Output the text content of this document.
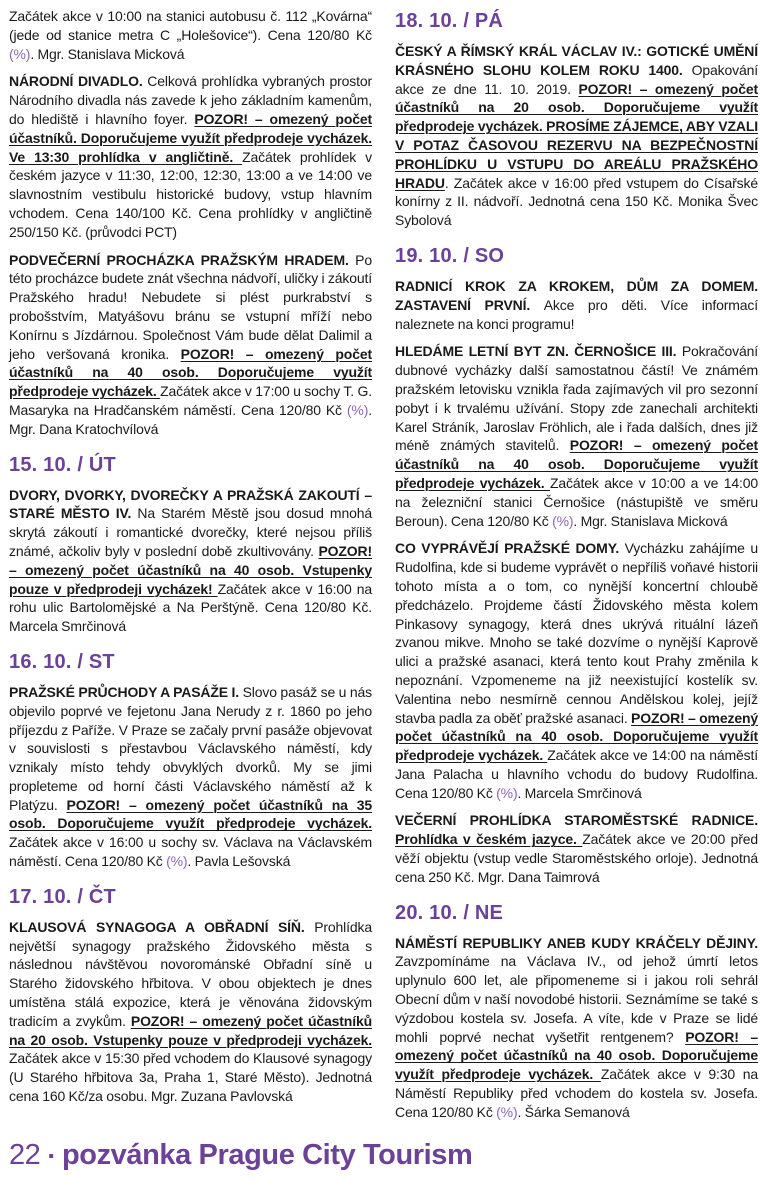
Začátek akce v 10:00 na stanici autobusu č. 112 „Kovárna“ (jede od stanice metra C „Holešovice“). Cena 120/80 Kč (%). Mgr. Stanislava Micková

NÁRODNÍ DIVADLO. Celková prohlídka vybraných prostor Národního divadla nás zavede k jeho základním kamenům, do hlediště i hlavního foyer. POZOR! – omezený počet účastníků. Doporučujeme využít předprodeje vycházek. Ve 13:30 prohlídka v angličtině. Začátek prohlídek v českém jazyce v 11:30, 12:00, 12:30, 13:00 a ve 14:00 ve slavnostním vestibulu historické budovy, vstup hlavním vchodem. Cena 140/100 Kč. Cena prohlídky v angličtině 250/150 Kč. (průvodci PCT)

PODVEČERNÍ PROCHÁZKA PRAŽSKÝM HRADEM. Po této procházce budete znát všechna nádvoří, uličky i zákoutí Pražského hradu! Nebudete si plést purkrabství s probošstvím, Matyášovu bránu se vstupní mříží nebo Konírnu s Jízdárnou. Společnost Vám bude dělat Dalimil a jeho veršovaná kronika. POZOR! – omezený počet účastníků na 40 osob. Doporučujeme využít předprodeje vycházek. Začátek akce v 17:00 u sochy T. G. Masaryka na Hradčanském náměstí. Cena 120/80 Kč (%). Mgr. Dana Kratochvílová

15. 10. / ÚT

DVORY, DVORKY, DVOREČKY A PRAŽSKÁ ZAKOUTÍ – STARÉ MĚSTO IV. Na Starém Městě jsou dosud mnohá skrytá zákoutí i romantické dvorečky, které nejsou příliš známé, ačkoliv byly v poslední době zkultivovány. POZOR! – omezený počet účastníků na 40 osob. Vstupenky pouze v předprodeji vycházek! Začátek akce v 16:00 na rohu ulic Bartolomějské a Na Perštýně. Cena 120/80 Kč. Marcela Smrčinová

16. 10. / ST

PRAŽSKÉ PRŮCHODY A PASÁŽE I. Slovo pasáž se u nás objevilo poprvé ve fejetonu Jana Nerudy z r. 1860 po jeho příjezdu z Paříže. V Praze se začaly první pasáže objevovat v souvislosti s přestavbou Václavského náměstí, kdy vznikaly místo tehdy obvyklých dvorků. My se jimi propleteme od horní části Václavského náměstí až k Platýzu. POZOR! – omezený počet účastníků na 35 osob. Doporučujeme využít předprodeje vycházek. Začátek akce v 16:00 u sochy sv. Václava na Václavském náměstí. Cena 120/80 Kč (%). Pavla Lešovská

17. 10. / ČT

KLAUSOVÁ SYNAGOGA A OBŘADNÍ SÍŇ. Prohlídka největší synagogy pražského Židovského města s následnou návštěvou novorománské Obřadní síně u Starého židovského hřbitova. V obou objektech je dnes umístěna stálá expozice, která je věnována židovským tradicím a zvykům. POZOR! – omezený počet účastníků na 20 osob. Vstupenky pouze v předprodeji vycházek. Začátek akce v 15:30 před vchodem do Klausové synagogy (U Starého hřbitova 3a, Praha 1, Staré Město). Jednotná cena 160 Kč/za osobu. Mgr. Zuzana Pavlovská

18. 10. / PÁ

ČESKÝ A ŘÍMSKÝ KRÁL VÁCLAV IV.: GOTICKÉ UMĚNÍ KRÁSNÉHO SLOHU KOLEM ROKU 1400. Opakování akce ze dne 11. 10. 2019. POZOR! – omezený počet účastníků na 20 osob. Doporučujeme využít předprodeje vycházek. PROSÍME ZÁJEMCE, ABY VZALI V POTAZ ČASOVOU REZERVU NA BEZPEČNOSTNÍ PROHLÍDKU U VSTUPU DO AREÁLU PRAŽSKÉHO HRADU. Začátek akce v 16:00 před vstupem do Císařské konírny z II. nádvoří. Jednotná cena 150 Kč. Monika Švec Sybolová

19. 10. / SO

RADNICÍ KROK ZA KROKEM, DŮM ZA DOMEM. ZASTAVENÍ PRVNÍ. Akce pro děti. Více informací naleznete na konci programu!

HLEDÁME LETNÍ BYT ZN. ČERNOŠICE III. Pokračování dubnové vycházky další samostatnou částí! Ve známém pražském letovisku vznikla řada zajímavých vil pro sezonní pobyt i k trvalému užívání. Stopy zde zanechali architekti Karel Stráník, Jaroslav Fröhlich, ale i řada dalších, dnes již méně známých stavitelů. POZOR! – omezený počet účastníků na 40 osob. Doporučujeme využít předprodeje vycházek. Začátek akce v 10:00 a ve 14:00 na železniční stanici Černošice (nástupiště ve směru Beroun). Cena 120/80 Kč (%). Mgr. Stanislava Micková

CO VYPRÁVĚJÍ PRAŽSKÉ DOMY. Vycházku zahájíme u Rudolfina, kde si budeme vyprávět o nepříliš voňavé historii tohoto místa a o tom, co nynější koncertní chloubě předcházelo. Projdeme částí Židovského města kolem Pinkasovy synagogy, která dnes ukrývá rituální lázeň zvanou mikve. Mnoho se také dozvíme o nynější Kaprově ulici a pražské asanaci, která tento kout Prahy změnila k nepoznání. Vzpomeneme na již neexistující kostelík sv. Valentina nebo nesmírně cennou Andělskou kolej, jejíž stavba padla za oběť pražské asanaci. POZOR! – omezený počet účastníků na 40 osob. Doporučujeme využít předprodeje vycházek. Začátek akce ve 14:00 na náměstí Jana Palacha u hlavního vchodu do budovy Rudolfina. Cena 120/80 Kč (%). Marcela Smrčinová

VEČERNÍ PROHLÍDKA STAROMĚSTSKÉ RADNICE. Prohlídka v českém jazyce. Začátek akce ve 20:00 před věží objektu (vstup vedle Staroměstského orloje). Jednotná cena 250 Kč. Mgr. Dana Taimrová

20. 10. / NE

NÁMĚSTÍ REPUBLIKY ANEB KUDY KRÁČELY DĚJINY. Zavzpomínáme na Václava IV., od jehož úmrtí letos uplynulo 600 let, ale připomeneme si i jakou roli sehrál Obecní dům v naší novodobé historii. Seznámíme se také s výzdobou kostela sv. Josefa. A víte, kde v Praze se lidé mohli poprvé nechat vyšetřit rentgenem? POZOR! – omezený počet účastníků na 40 osob. Doporučujeme využít předprodeje vycházek. Začátek akce v 9:30 na Náměstí Republiky před vchodem do kostela sv. Josefa. Cena 120/80 Kč (%). Šárka Semanová

22 ▪ pozvánka Prague City Tourism
